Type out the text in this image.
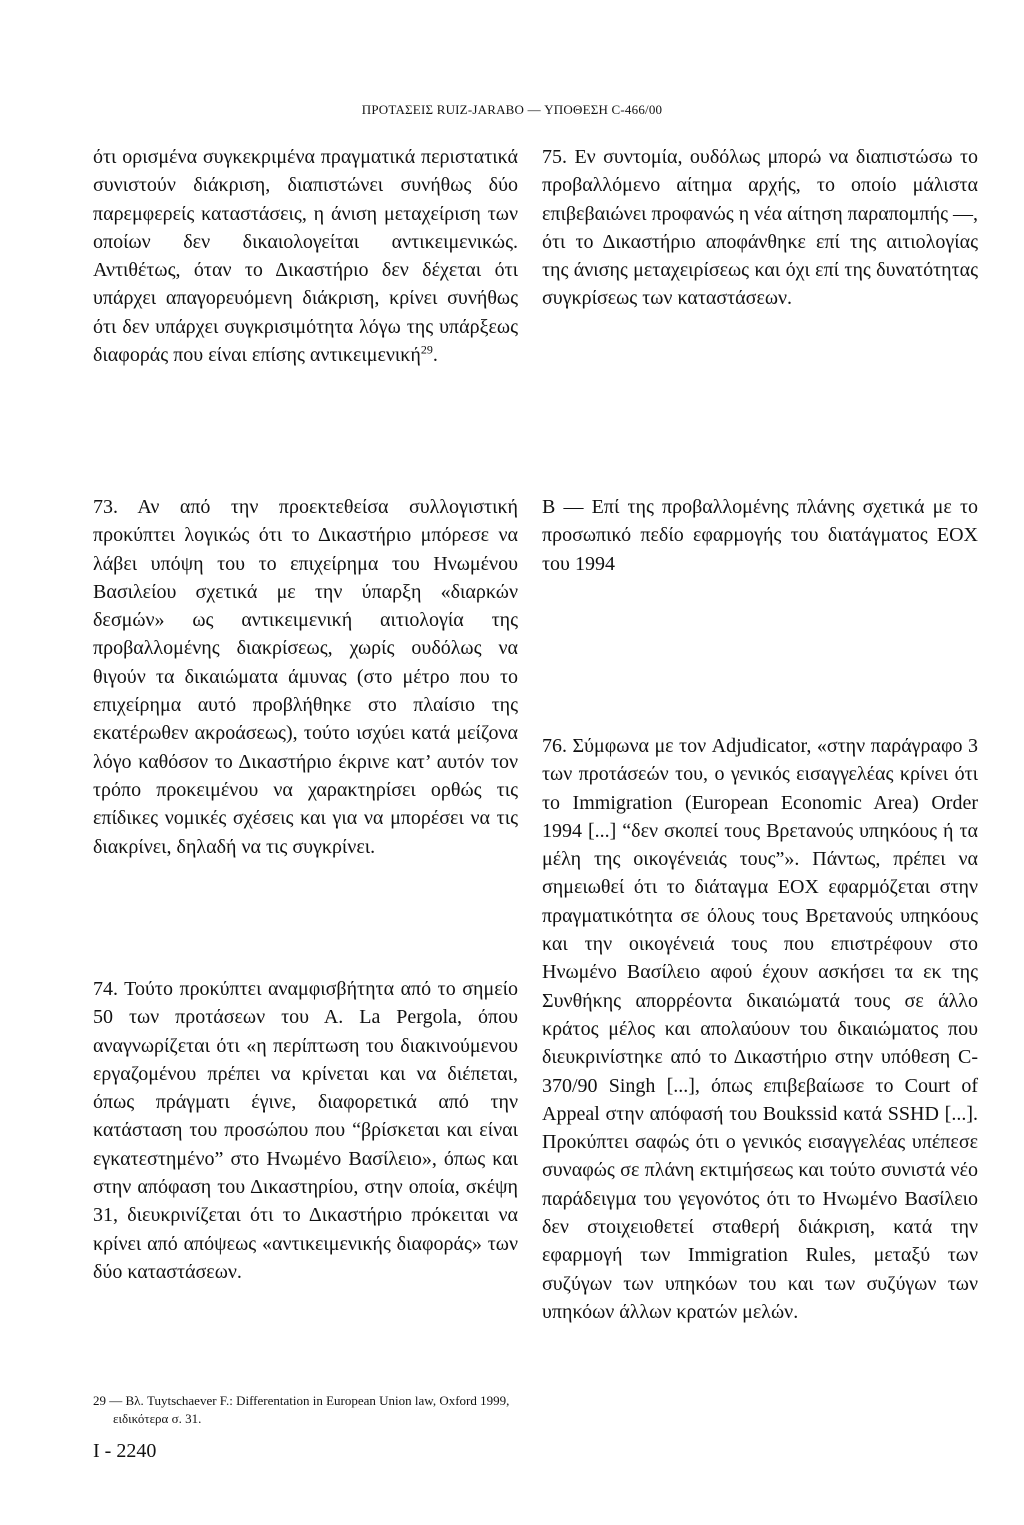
ΠΡΟΤΑΣΕΙΣ RUIZ-JARABO — ΥΠΟΘΕΣΗ C-466/00

ότι ορισμένα συγκεκριμένα πραγματικά περιστατικά συνιστούν διάκριση, διαπιστώνει συνήθως δύο παρεμφερείς καταστάσεις, η άνιση μεταχείριση των οποίων δεν δικαιολογείται αντικειμενικώς. Αντιθέτως, όταν το Δικαστήριο δεν δέχεται ότι υπάρχει απαγορευόμενη διάκριση, κρίνει συνήθως ότι δεν υπάρχει συγκρισιμότητα λόγω της υπάρξεως διαφοράς που είναι επίσης αντικειμενική$^{29}$.

73. Αν από την προεκτεθείσα συλλογιστική προκύπτει λογικώς ότι το Δικαστήριο μπόρεσε να λάβει υπόψη του το επιχείρημα του Ηνωμένου Βασιλείου σχετικά με την ύπαρξη «διαρκών δεσμών» ως αντικειμενική αιτιολογία της προβαλλομένης διακρίσεως, χωρίς ουδόλως να θιγούν τα δικαιώματα άμυνας (στο μέτρο που το επιχείρημα αυτό προβλήθηκε στο πλαίσιο της εκατέρωθεν ακροάσεως), τούτο ισχύει κατά μείζονα λόγο καθόσον το Δικαστήριο έκρινε κατ’ αυτόν τον τρόπο προκειμένου να χαρακτηρίσει ορθώς τις επίδικες νομικές σχέσεις και για να μπορέσει να τις διακρίνει, δηλαδή να τις συγκρίνει.

74. Τούτο προκύπτει αναμφισβήτητα από το σημείο 50 των προτάσεων του Α. La Pergola, όπου αναγνωρίζεται ότι «η περίπτωση του διακινούμενου εργαζομένου πρέπει να κρίνεται και να διέπεται, όπως πράγματι έγινε, διαφορετικά από την κατάσταση του προσώπου που “βρίσκεται και είναι εγκατεστημένο” στο Ηνωμένο Βασίλειο», όπως και στην απόφαση του Δικαστηρίου, στην οποία, σκέψη 31, διευκρινίζεται ότι το Δικαστήριο πρόκειται να κρίνει από απόψεως «αντικειμενικής διαφοράς» των δύο καταστάσεων.

29 — Βλ. Tuytschaever F.: Differentation in European Union law, Oxford 1999, ειδικότερα σ. 31.

I - 2240

75. Εν συντομία, ουδόλως μπορώ να διαπιστώσω το προβαλλόμενο αίτημα αρχής, το οποίο μάλιστα επιβεβαιώνει προφανώς η νέα αίτηση παραπομπής —, ότι το Δικαστήριο αποφάνθηκε επί της αιτιολογίας της άνισης μεταχειρίσεως και όχι επί της δυνατότητας συγκρίσεως των καταστάσεων.

Β — Επί της προβαλλομένης πλάνης σχετικά με το προσωπικό πεδίο εφαρμογής του διατάγματος ΕΟΧ του 1994

76. Σύμφωνα με τον Adjudicator, «στην παράγραφο 3 των προτάσεών του, ο γενικός εισαγγελέας κρίνει ότι το Immigration (European Economic Area) Order 1994 [...] “δεν σκοπεί τους Βρετανούς υπηκόους ή τα μέλη της οικογένειάς τους”». Πάντως, πρέπει να σημειωθεί ότι το διάταγμα ΕΟΧ εφαρμόζεται στην πραγματικότητα σε όλους τους Βρετανούς υπηκόους και την οικογένειά τους που επιστρέφουν στο Ηνωμένο Βασίλειο αφού έχουν ασκήσει τα εκ της Συνθήκης απορρέοντα δικαιώματά τους σε άλλο κράτος μέλος και απολαύουν του δικαιώματος που διευκρινίστηκε από το Δικαστήριο στην υπόθεση C-370/90 Singh [...], όπως επιβεβαίωσε το Court of Appeal στην απόφασή του Boukssid κατά SSHD [...]. Προκύπτει σαφώς ότι ο γενικός εισαγγελέας υπέπεσε συναφώς σε πλάνη εκτιμήσεως και τούτο συνιστά νέο παράδειγμα του γεγονότος ότι το Ηνωμένο Βασίλειο δεν στοιχειοθετεί σταθερή διάκριση, κατά την εφαρμογή των Immigration Rules, μεταξύ των συζύγων των υπηκόων του και των συζύγων των υπηκόων άλλων κρατών μελών.
